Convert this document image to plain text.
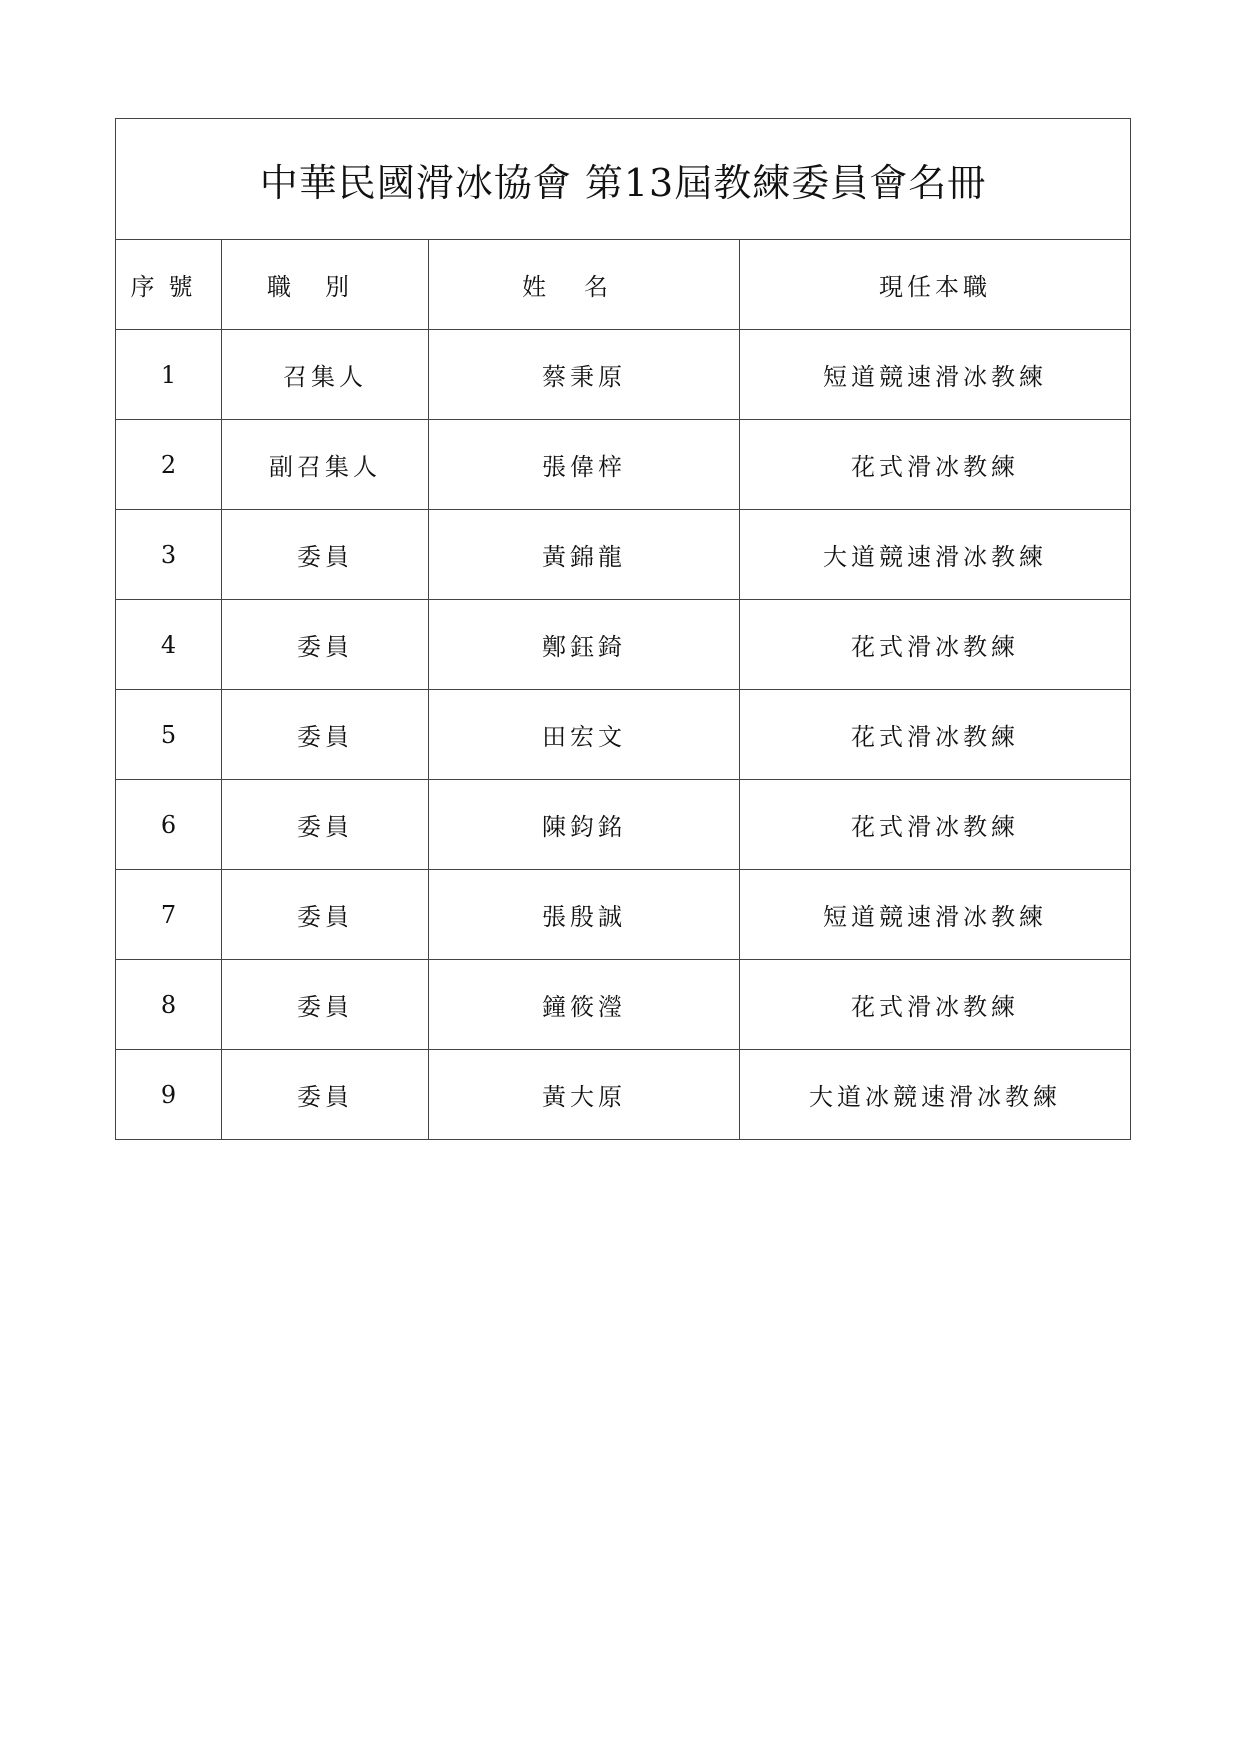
中華民國滑冰協會 第13屆教練委員會名冊			
序號	職別	姓名	現任本職
1	召集人	蔡秉原	短道競速滑冰教練
2	副召集人	張偉梓	花式滑冰教練
3	委員	黃錦龍	大道競速滑冰教練
4	委員	鄭鈺錡	花式滑冰教練
5	委員	田宏文	花式滑冰教練
6	委員	陳鈞銘	花式滑冰教練
7	委員	張殷誠	短道競速滑冰教練
8	委員	鐘筱瀅	花式滑冰教練
9	委員	黃大原	大道冰競速滑冰教練
